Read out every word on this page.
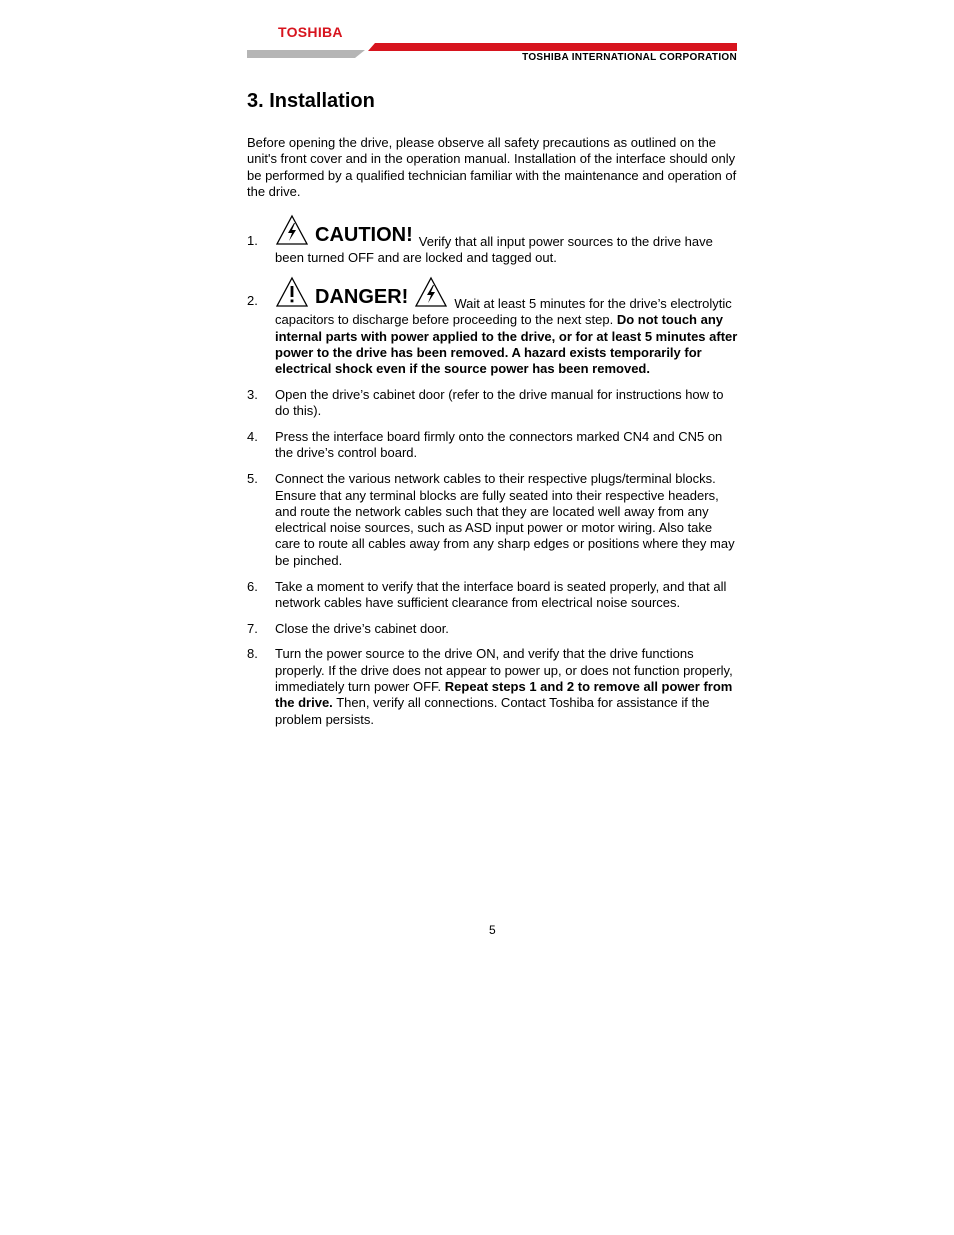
TOSHIBA
TOSHIBA INTERNATIONAL CORPORATION
3. Installation

Before opening the drive, please observe all safety precautions as outlined on the unit's front cover and in the operation manual. Installation of the interface should only be performed by a qualified technician familiar with the maintenance and operation of the drive.

1.	CAUTION! Verify that all input power sources to the drive have been turned OFF and are locked and tagged out.
2.	DANGER!	Wait at least 5 minutes for the drive’s electrolytic capacitors to discharge before proceeding to the next step. Do not touch any internal parts with power applied to the drive, or for at least 5 minutes after power to the drive has been removed. A hazard exists temporarily for electrical shock even if the source power has been removed.
3. Open the drive’s cabinet door (refer to the drive manual for instructions how to do this).
4. Press the interface board firmly onto the connectors marked CN4 and CN5 on the drive’s control board.
5. Connect the various network cables to their respective plugs/terminal blocks. Ensure that any terminal blocks are fully seated into their respective headers, and route the network cables such that they are located well away from any electrical noise sources, such as ASD input power or motor wiring. Also take care to route all cables away from any sharp edges or positions where they may be pinched.
6. Take a moment to verify that the interface board is seated properly, and that all network cables have sufficient clearance from electrical noise sources.
7. Close the drive’s cabinet door.
8. Turn the power source to the drive ON, and verify that the drive functions properly. If the drive does not appear to power up, or does not function properly, immediately turn power OFF. Repeat steps 1 and 2 to remove all power from the drive. Then, verify all connections. Contact Toshiba for assistance if the problem persists.
5
